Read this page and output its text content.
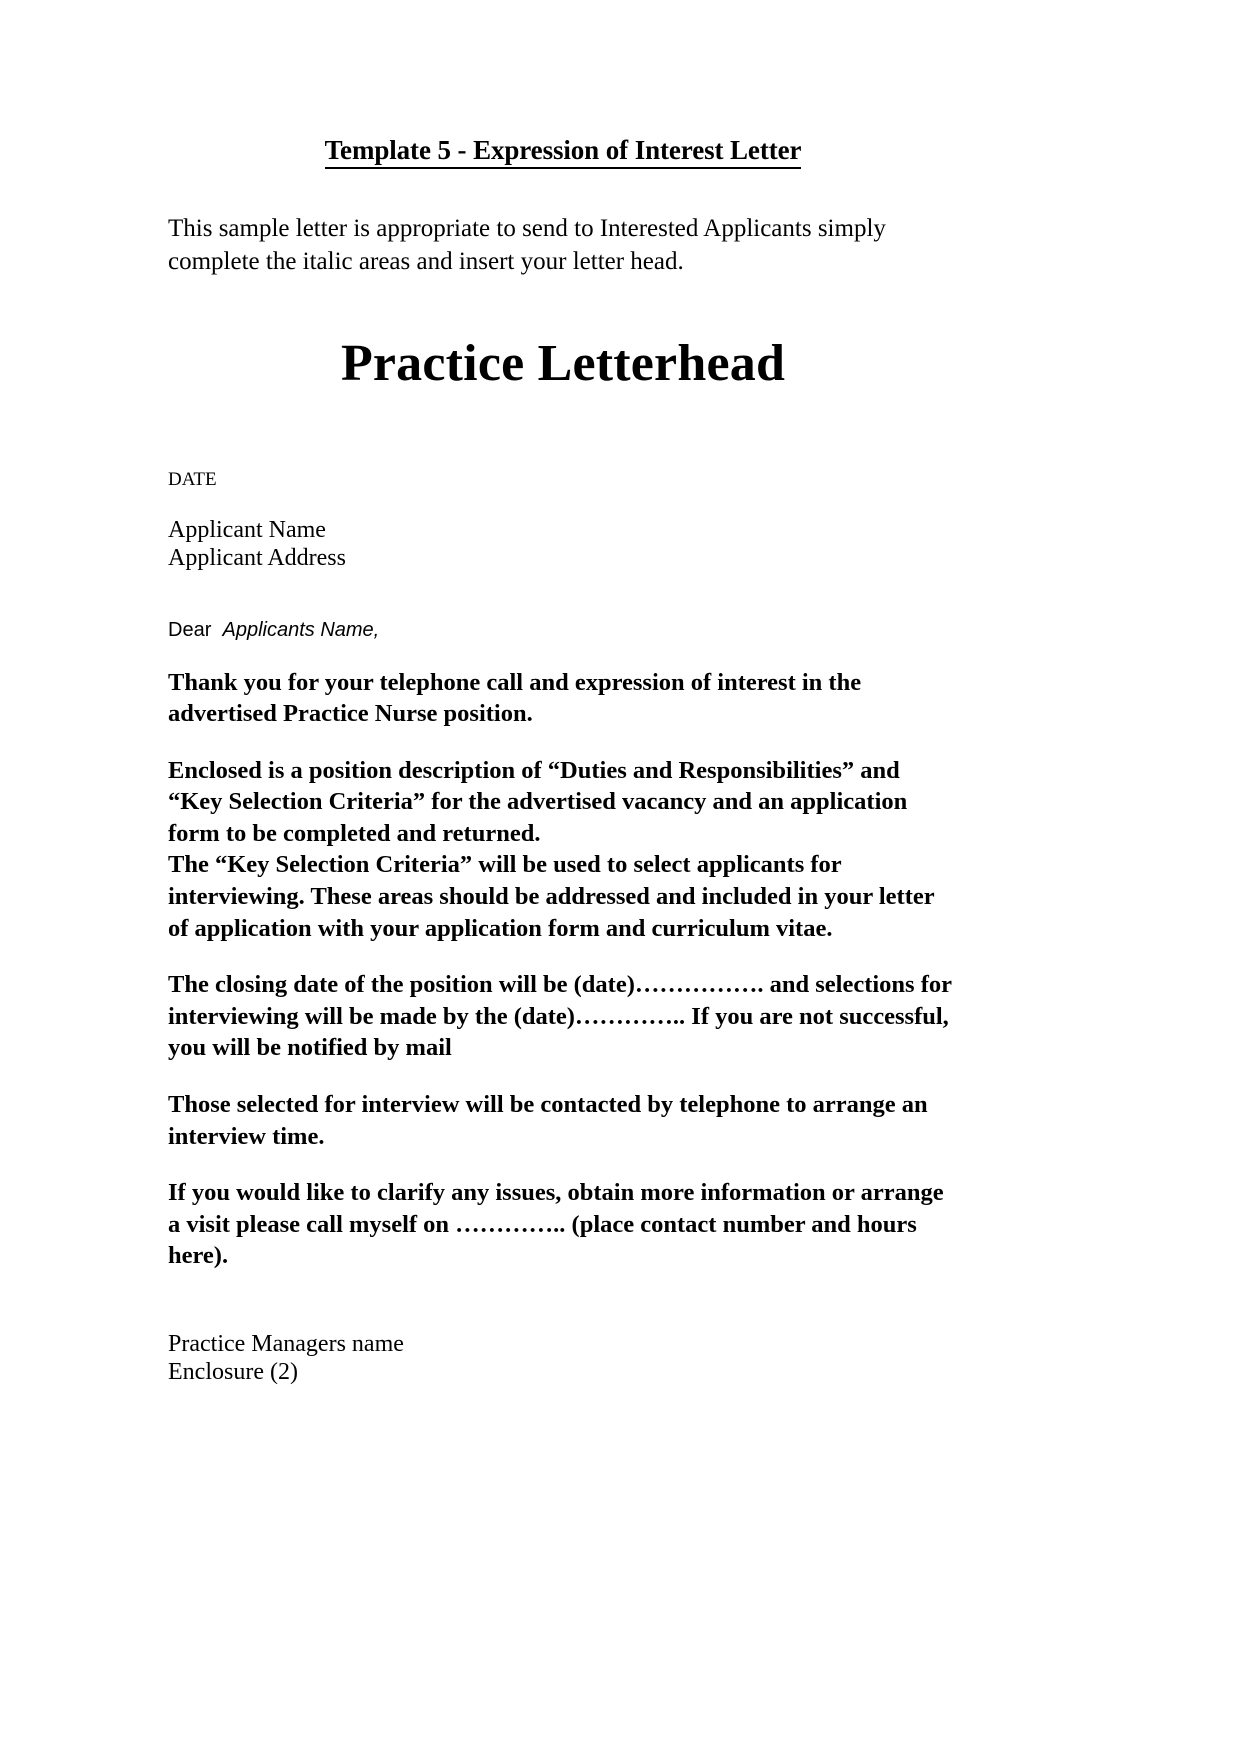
Template 5 - Expression of Interest Letter

This sample letter is appropriate to send to Interested Applicants simply complete the italic areas and insert your letter head.

Practice Letterhead

DATE

Applicant Name
Applicant Address

Dear Applicants Name,

Thank you for your telephone call and expression of interest in the advertised Practice Nurse position.

Enclosed is a position description of “Duties and Responsibilities” and “Key Selection Criteria” for the advertised vacancy and an application form to be completed and returned.

The “Key Selection Criteria” will be used to select applicants for interviewing. These areas should be addressed and included in your letter of application with your application form and curriculum vitae.

The closing date of the position will be (date)……………. and selections for interviewing will be made by the (date)………….. If you are not successful, you will be notified by mail

Those selected for interview will be contacted by telephone to arrange an interview time.

If you would like to clarify any issues, obtain more information or arrange a visit please call myself on ………….. (place contact number and hours here).

Practice Managers name
Enclosure (2)
